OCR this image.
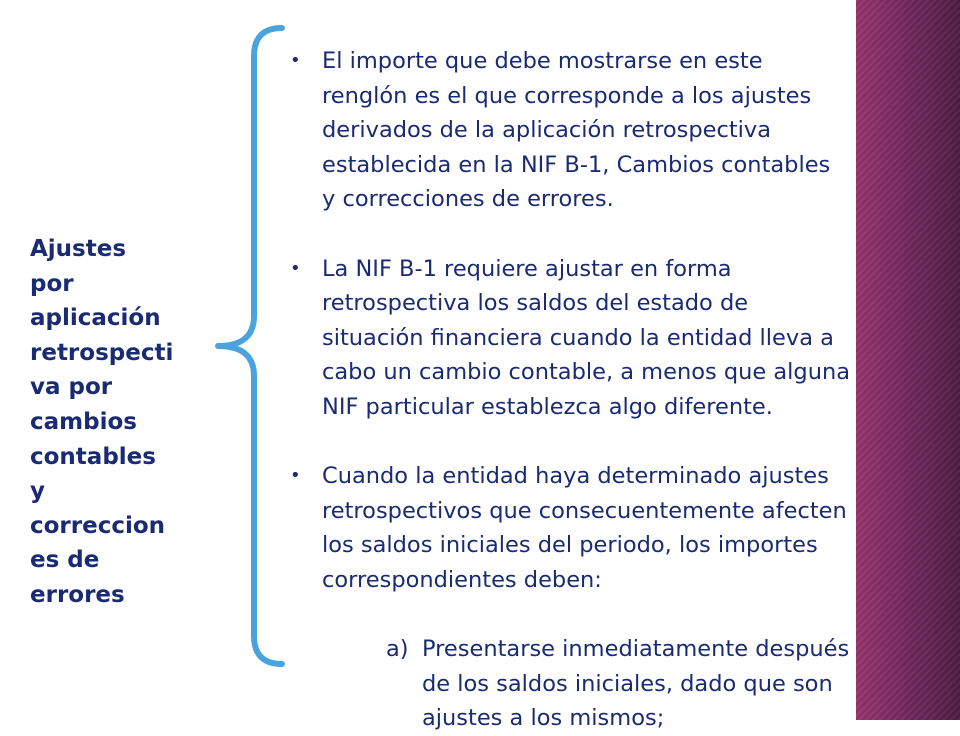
Ajustes
por
aplicación
retrospecti
va por
cambios
contables
y
correccion
es de
errores

• El importe que debe mostrarse en este
renglón es el que corresponde a los ajustes
derivados de la aplicación retrospectiva
establecida en la NIF B-1, Cambios contables
y correcciones de errores.

• La NIF B-1 requiere ajustar en forma
retrospectiva los saldos del estado de
situación financiera cuando la entidad lleva a
cabo un cambio contable, a menos que alguna
NIF particular establezca algo diferente.

• Cuando la entidad haya determinado ajustes
retrospectivos que consecuentemente afecten
los saldos iniciales del periodo, los importes
correspondientes deben:

a) Presentarse inmediatamente después
de los saldos iniciales, dado que son
ajustes a los mismos;
